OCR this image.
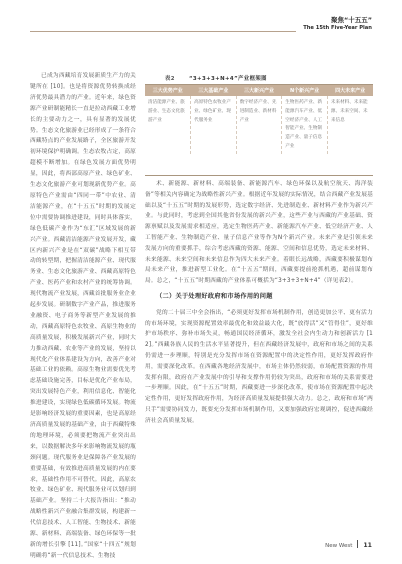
聚焦“十五五”
The 15th Five-Year Plan

已成为西藏培育发展新质生产力的关键所在 [10]。也是将资源优势转换成经济优势最具潜力的产业。近年来，绿色资源产业研制能精长一直是拉动西藏工业增长的主要动力之一，具有显著的发展优势。生态文化旅游业已经形成了一条符合西藏特点的产业发展路子，全区旅游开发初环境保护明确调。生态农牧占定，高原超模不断增加。在绿色发展方面优势明显，因此，将西部高原产业、绿色矿业、生态文化旅游产业可划现新优势产业。高原特色产业需由“四同一带”中农业、清洁能源产业，在“十五五”时期的发展定位中需要协调推进建设，同时具体落实，绿色低碳产业作为“东汇”区域发展的新兴产业。西藏清洁能源产业发展开发，藏区内新兴产业是在“双碳”战略下相互带动的转型期，把握清洁能源产业、现代服务业、生态文化旅游产业、西藏高原特色产业、医药产业和农村产业的统筹协调。现代物流产业发展，西藏首批服务业企业起步发展。研制数字产业产品，推进服务业融资、电子商务等新型产业发展的推动，西藏高原特色农牧业、高原生物业的高质量发展，积极发展新兴产业，同时大力推动西藏、农业等产业的发展，坚持以现代化产业体系建设为方向，改善产业对基础工业的依赖。高原生物业需要优先考虑基础设施完善，目标是优化产业布局，突出发展特色产业，利用信息化、智能化推进建设，实现绿色低碳循环发展。物流是影响经济发展的重要因素，也是高原经济高质量发展的基础产业，由于西藏特殊的地理环境，必须要把物流产业突出出来，以数据解决多年来影响物流发展的瓶颈问题。现代服务业是保障各产业发展的重要基础，有效推进高质量发展的内在要求，基础性作用不可替代。因此，高原农牧业、绿色矿业、现代服务业可以划归到基础产业。坚持二十大报告指出：“推动战略性新兴产业融合集群发展，构建新一代信息技术、人工智能、生物技术、新能源、新材料、高端装备、绿色环保等一批新的增长引擎 [11]。”国家“十四五”规划明确将“新一代信息技术、生物技

表2	“3+3+3+N+4”产业框架图
三大优势产业	三大基础产业	三大新兴产业	N个新兴产业	四大未来产业
清洁能源产业、旅游业、生态文化旅游产业	高原特色农牧业产业、绿色矿业、现代服务业	数字经济产业、先进制造业、新材料产业	生物医药产业、新能源汽车产业、低空经济产业、人工智能产业、生物制造产业、量子信息产业	未来材料、未来能源、未来空间、未来信息

术、新能源、新材料、高端装备、新能源汽车、绿色环保以及航空航天、海洋装备”等相关内容确定为战略性新兴产业。根据近年发展的实际情况，结合西藏产业发展基础以及“十五五”时期的发展形势，选定数字经济、先进制造业、新材料产业作为新兴产业。与此同时，考虑到全国其他省份发展的新兴产业，这些产业与西藏的产业基础、资源禀赋以及发展需求相适应，选定生物医药产业、新能源汽车产业、低空经济产业、人工智能产业、生物制造产业、量子信息产业等作为N个新兴产业。未来产业是引领未来发展方向的重要抓手，综合考虑西藏的资源、能源、空间和信息优势，选定未来材料、未来能源、未来空间和未来信息作为四大未来产业。着眼长远战略，西藏要积极谋划布局未来产业，推进新型工业化。在“十五五”期间，西藏要提前抢抓机遇，超前谋划布局。总之，“十五五”时期西藏的产业体系可概括为“3+3+3+N+4”（详见表2）。

（二）关于处理好政府和市场作用的问题

党的二十届三中全会指出，“必须更好发挥市场机制作用，创造更加公平、更有活力的市场环境，实现资源配置效率最优化和效益最大化，既“放得活”又“管得住”，更好维护市场秩序、弥补市场失灵，畅通国民经济循环，激发全社会内生动力和创新活力 [12]。”西藏各族人民的生活水平显著提升，但在西藏经济发展中，政府和市场之间的关系仍需进一步理顺，特别是充分发挥市场在资源配置中的决定性作用，更好发挥政府作用，需要深化改革。在西藏各地经济发展中，市场主体仍然较弱，市场配置资源的作用发挥有限，政府在产业发展中的引导和支撑作用仍较为突出，政府和市场的关系需要进一步理顺。因此，在“十五五”时期，西藏要进一步深化改革，使市场在资源配置中起决定性作用，更好发挥政府作用，为经济高质量发展提供强大动力。总之，政府和市场“两只手”需要协同发力，既要充分发挥市场机制作用，又要加强政府宏观调控，促进西藏经济社会高质量发展。

New West 11
